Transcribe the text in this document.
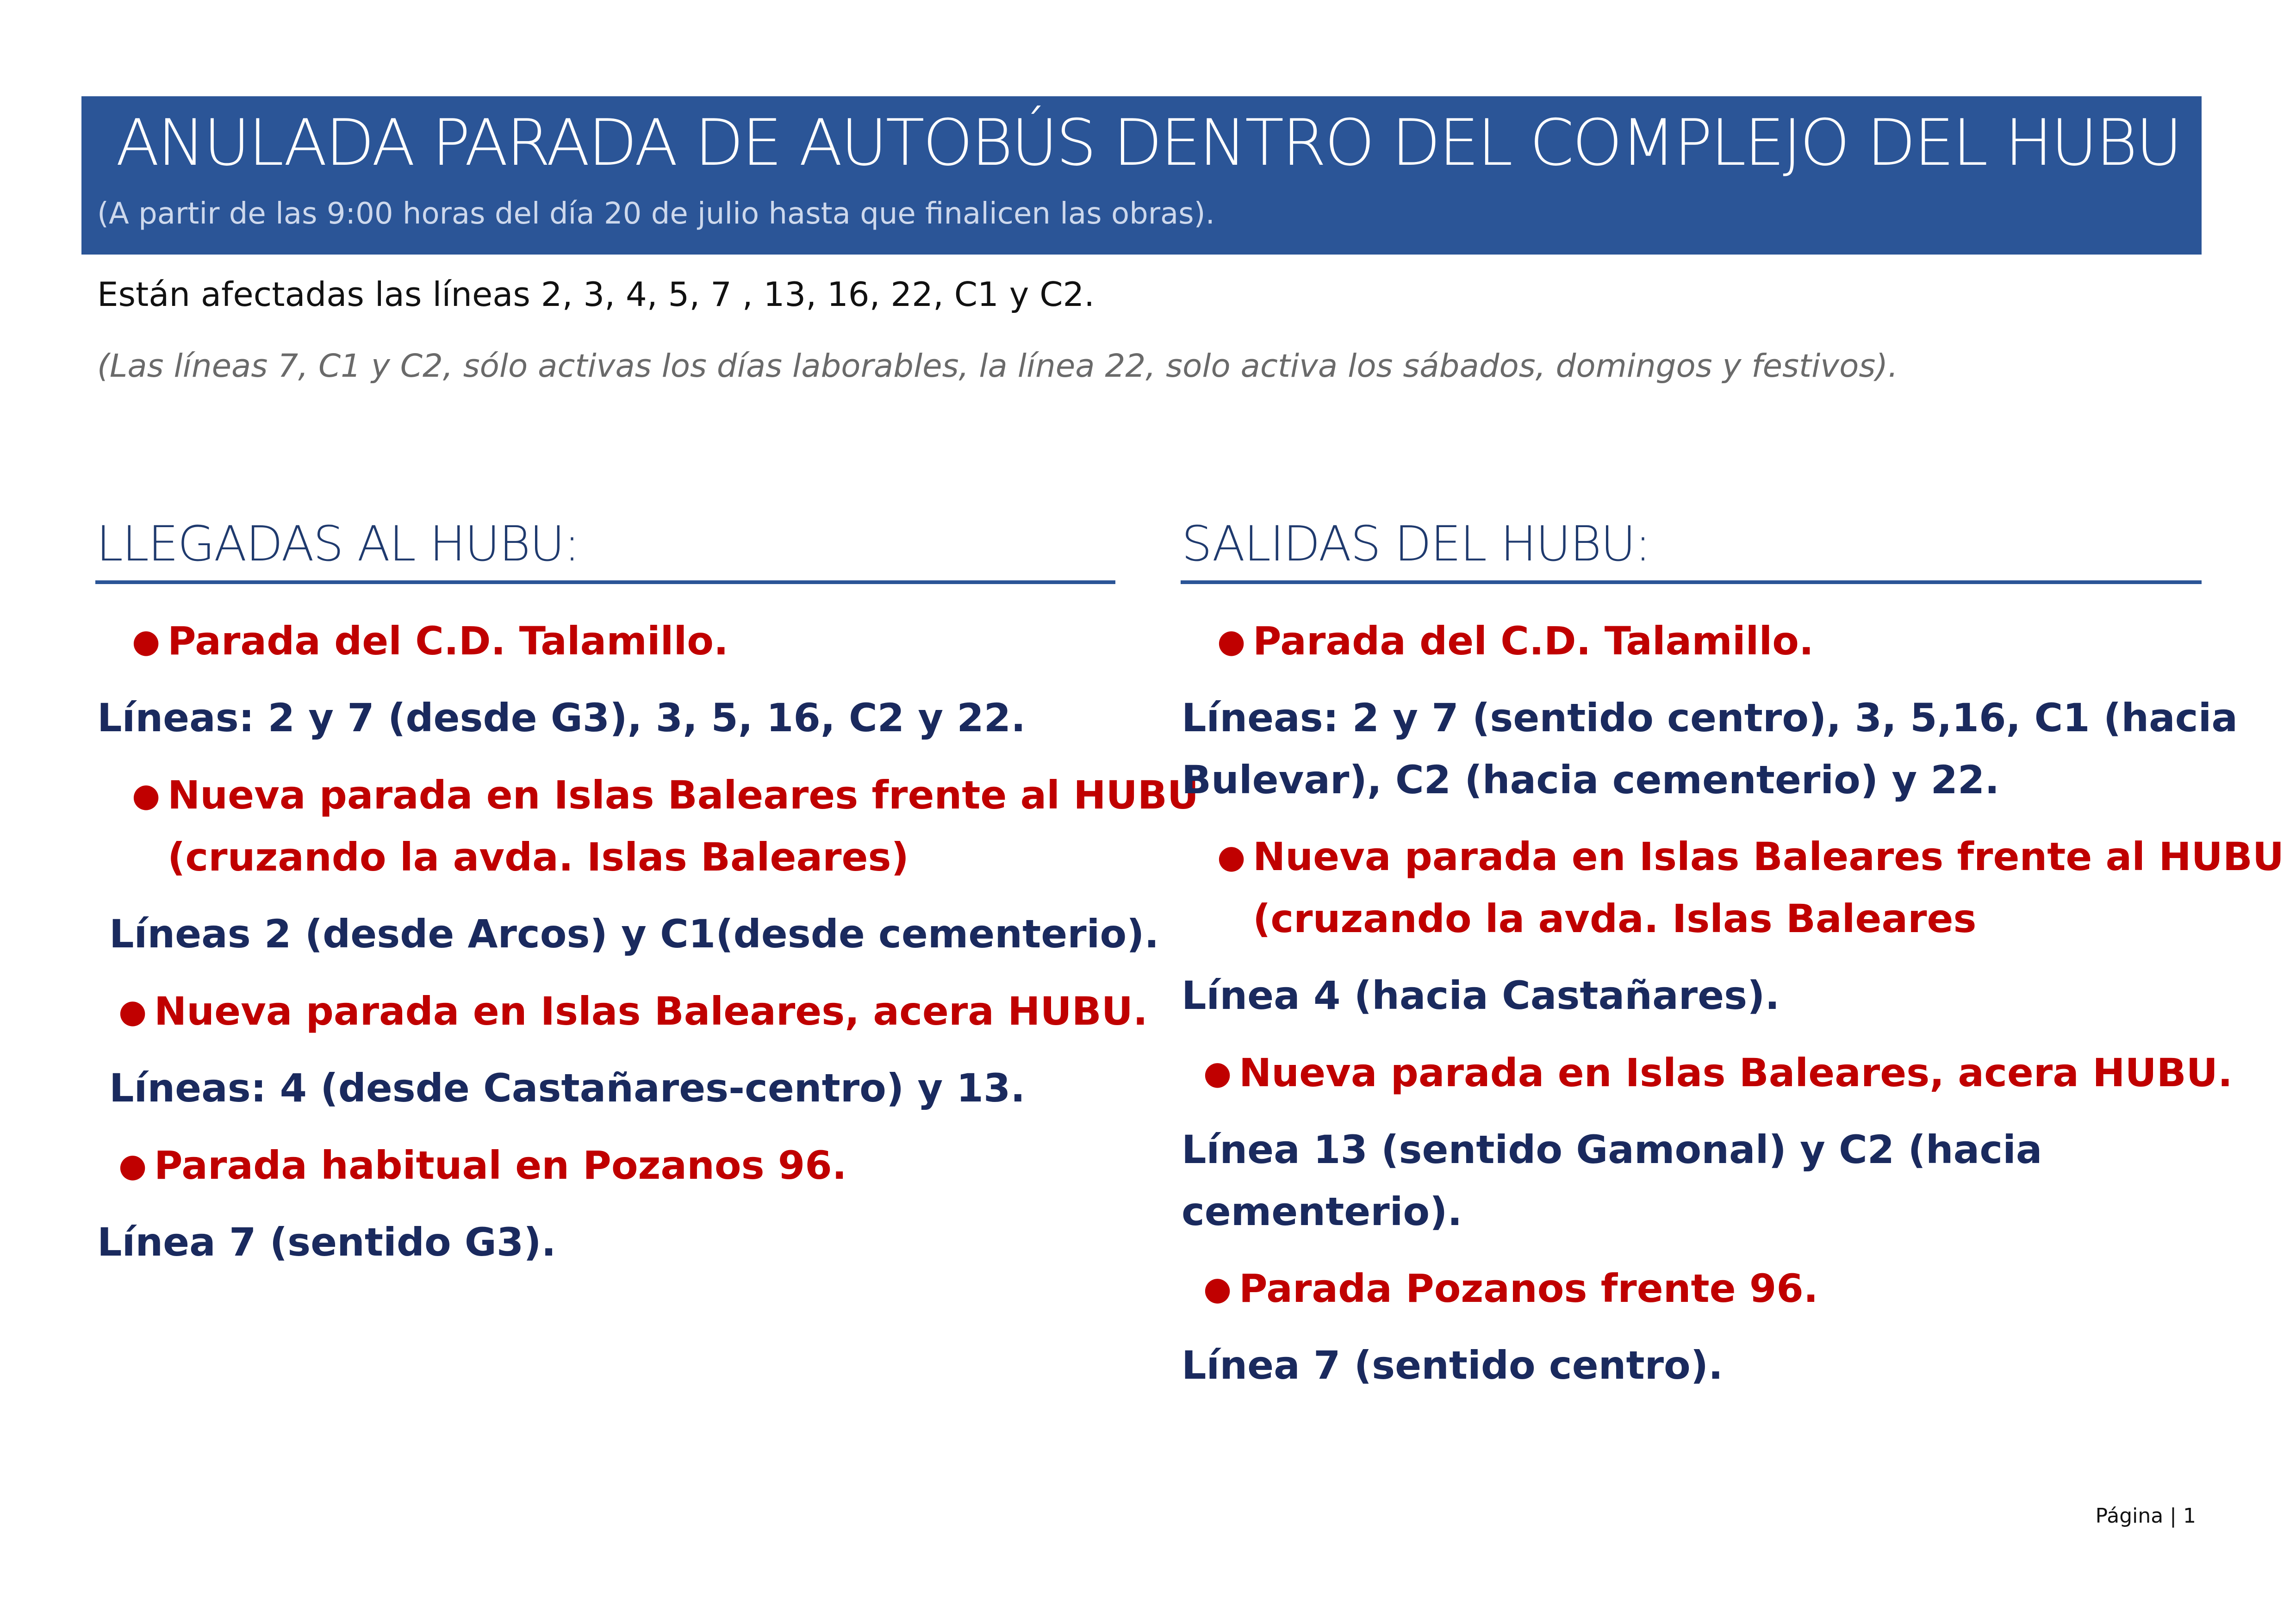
ANULADA PARADA DE AUTOBÚS DENTRO DEL COMPLEJO DEL HUBU
(A partir de las 9:00 horas del día 20 de julio hasta que finalicen las obras).
Están afectadas las líneas 2, 3, 4, 5, 7 , 13, 16, 22, C1 y C2.
(Las líneas 7, C1 y C2, sólo activas los días laborables, la línea 22, solo activa los sábados, domingos y festivos).
LLEGADAS AL HUBU:
● Parada del C.D. Talamillo.
Líneas: 2 y 7 (desde G3), 3, 5, 16, C2 y 22.
● Nueva parada en Islas Baleares frente al HUBU
(cruzando la avda. Islas Baleares)
Líneas 2 (desde Arcos) y C1(desde cementerio).
● Nueva parada en Islas Baleares, acera HUBU.
Líneas: 4 (desde Castañares-centro) y 13.
● Parada habitual en Pozanos 96.
Línea 7 (sentido G3).
SALIDAS DEL HUBU:
● Parada del C.D. Talamillo.
Líneas: 2 y 7 (sentido centro), 3, 5,16, C1 (hacia
Bulevar), C2 (hacia cementerio) y 22.
● Nueva parada en Islas Baleares frente al HUBU
(cruzando la avda. Islas Baleares
Línea 4 (hacia Castañares).
● Nueva parada en Islas Baleares, acera HUBU.
Línea 13 (sentido Gamonal) y C2 (hacia
cementerio).
● Parada Pozanos frente 96.
Línea 7 (sentido centro).
Página | 1
